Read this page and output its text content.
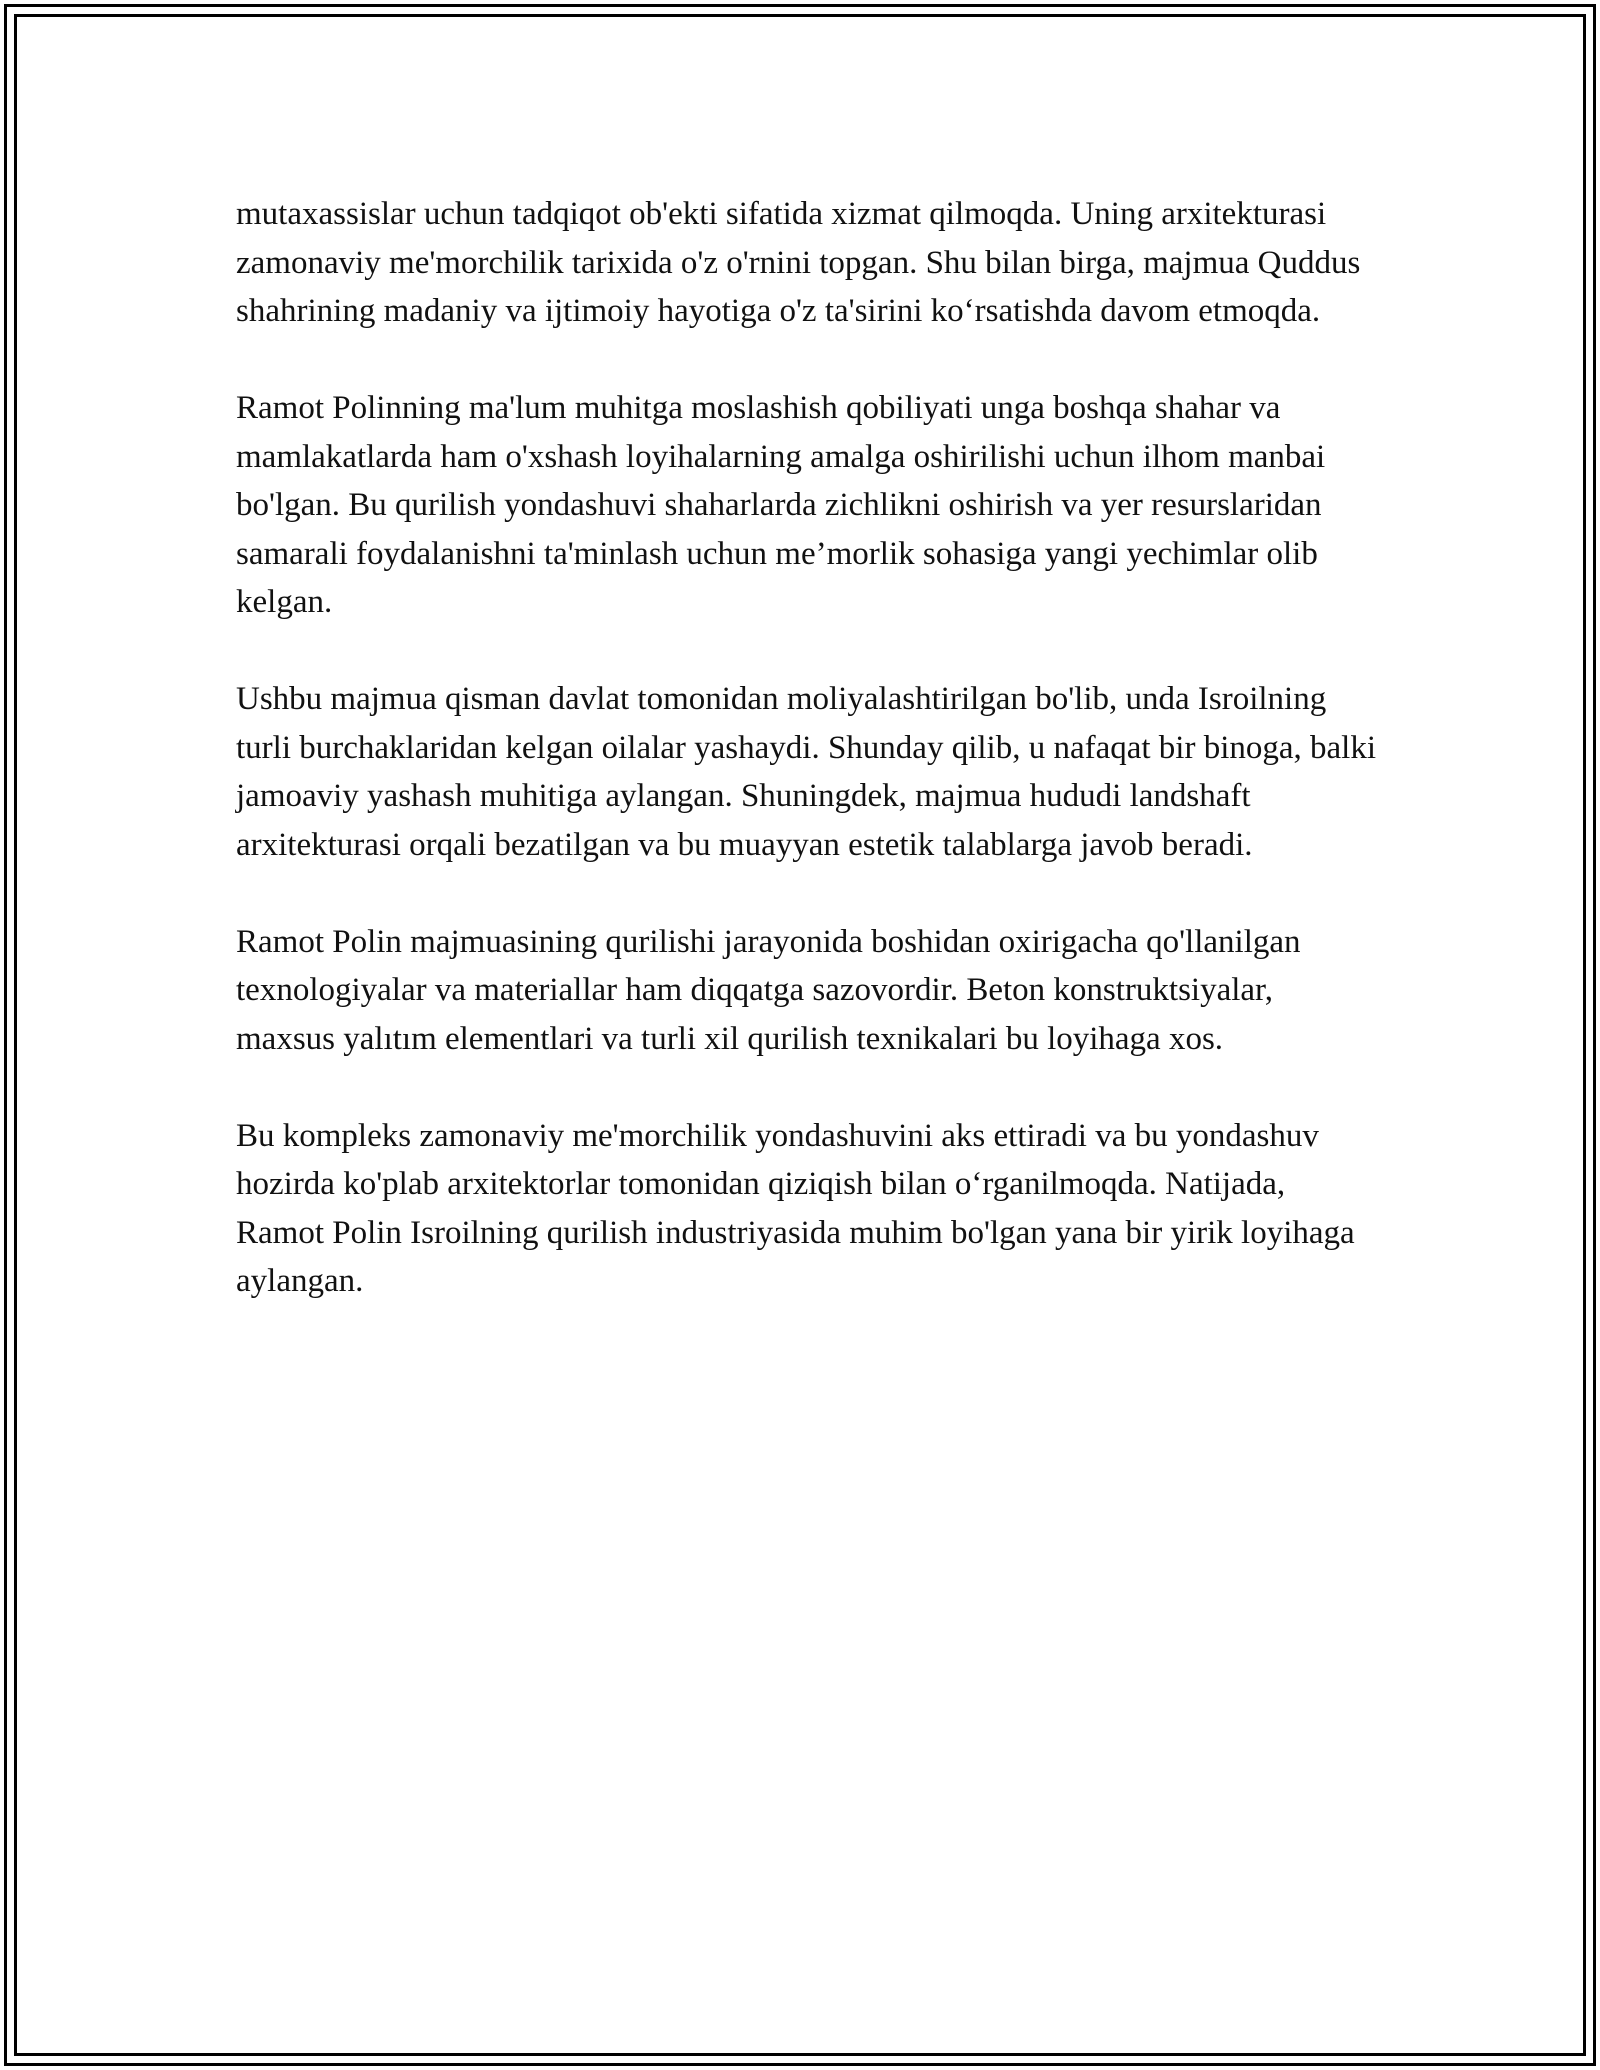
mutaxassislar uchun tadqiqot ob'ekti sifatida xizmat qilmoqda. Uning arxitekturasi zamonaviy me'morchilik tarixida o'z o'rnini topgan. Shu bilan birga, majmua Quddus shahrining madaniy va ijtimoiy hayotiga o'z ta'sirini ko‘rsatishda davom etmoqda.

Ramot Polinning ma'lum muhitga moslashish qobiliyati unga boshqa shahar va mamlakatlarda ham o'xshash loyihalarning amalga oshirilishi uchun ilhom manbai bo'lgan. Bu qurilish yondashuvi shaharlarda zichlikni oshirish va yer resurslaridan samarali foydalanishni ta'minlash uchun me’morlik sohasiga yangi yechimlar olib kelgan.

Ushbu majmua qisman davlat tomonidan moliyalashtirilgan bo'lib, unda Isroilning turli burchaklaridan kelgan oilalar yashaydi. Shunday qilib, u nafaqat bir binoga, balki jamoaviy yashash muhitiga aylangan. Shuningdek, majmua hududi landshaft arxitekturasi orqali bezatilgan va bu muayyan estetik talablarga javob beradi.

Ramot Polin majmuasining qurilishi jarayonida boshidan oxirigacha qo'llanilgan texnologiyalar va materiallar ham diqqatga sazovordir. Beton konstruktsiyalar, maxsus yalıtım elementlari va turli xil qurilish texnikalari bu loyihaga xos.

Bu kompleks zamonaviy me'morchilik yondashuvini aks ettiradi va bu yondashuv hozirda ko'plab arxitektorlar tomonidan qiziqish bilan o‘rganilmoqda. Natijada, Ramot Polin Isroilning qurilish industriyasida muhim bo'lgan yana bir yirik loyihaga aylangan.
